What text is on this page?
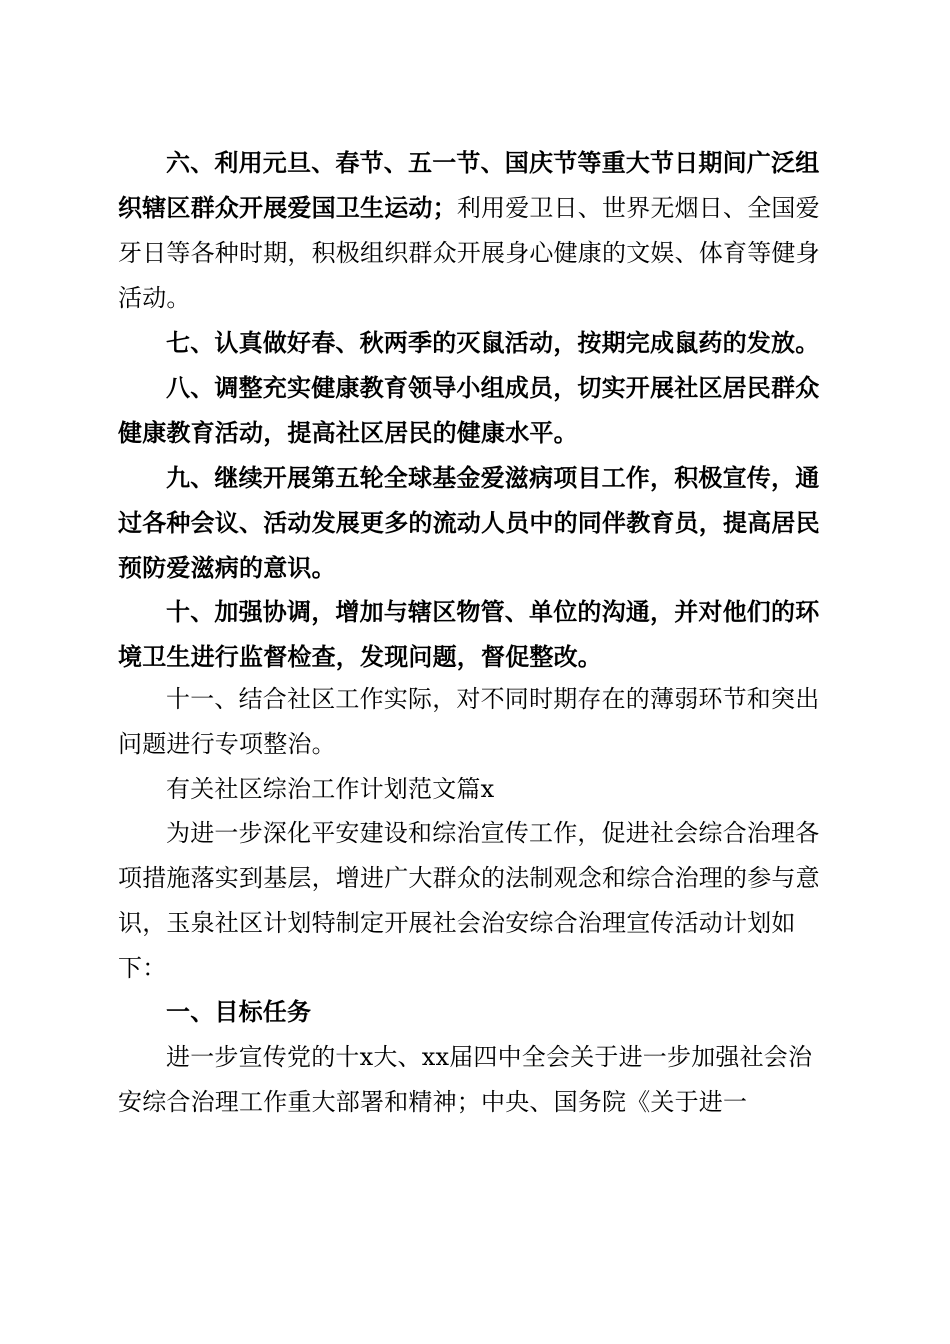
六、利用元旦、春节、五一节、国庆节等重大节日期间广泛组织辖区群众开展爱国卫生运动；利用爱卫日、世界无烟日、全国爱牙日等各种时期，积极组织群众开展身心健康的文娱、体育等健身活动。

七、认真做好春、秋两季的灭鼠活动，按期完成鼠药的发放。

八、调整充实健康教育领导小组成员，切实开展社区居民群众健康教育活动，提高社区居民的健康水平。

九、继续开展第五轮全球基金爱滋病项目工作，积极宣传，通过各种会议、活动发展更多的流动人员中的同伴教育员，提高居民预防爱滋病的意识。

十、加强协调，增加与辖区物管、单位的沟通，并对他们的环境卫生进行监督检查，发现问题，督促整改。

十一、结合社区工作实际，对不同时期存在的薄弱环节和突出问题进行专项整治。

有关社区综治工作计划范文篇x

为进一步深化平安建设和综治宣传工作，促进社会综合治理各项措施落实到基层，增进广大群众的法制观念和综合治理的参与意识，玉泉社区计划特制定开展社会治安综合治理宣传活动计划如下：

一、目标任务

进一步宣传党的十x大、xx届四中全会关于进一步加强社会治安综合治理工作重大部署和精神；中央、国务院《关于进一
